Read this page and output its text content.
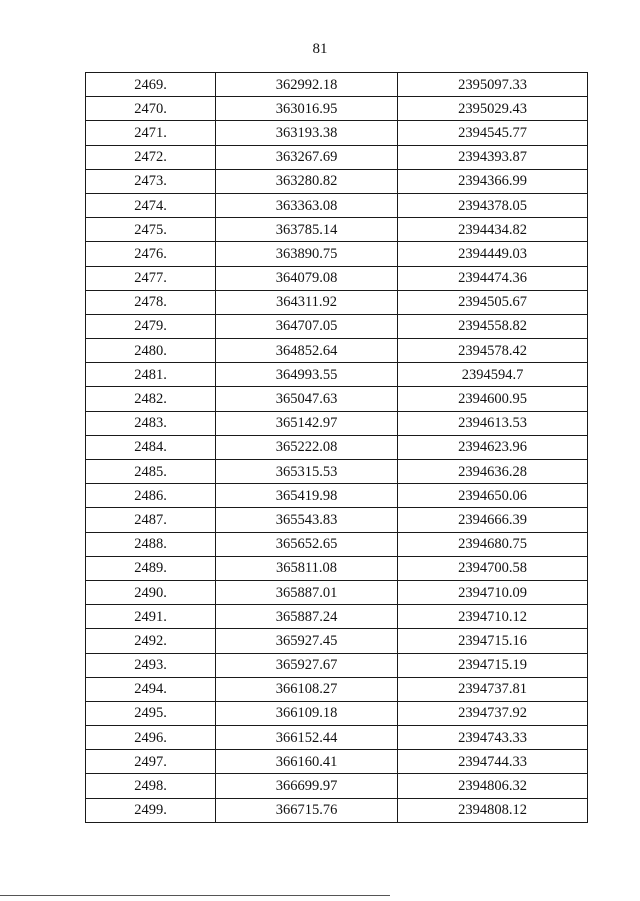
81
2469.	362992.18	2395097.33
2470.	363016.95	2395029.43
2471.	363193.38	2394545.77
2472.	363267.69	2394393.87
2473.	363280.82	2394366.99
2474.	363363.08	2394378.05
2475.	363785.14	2394434.82
2476.	363890.75	2394449.03
2477.	364079.08	2394474.36
2478.	364311.92	2394505.67
2479.	364707.05	2394558.82
2480.	364852.64	2394578.42
2481.	364993.55	2394594.7
2482.	365047.63	2394600.95
2483.	365142.97	2394613.53
2484.	365222.08	2394623.96
2485.	365315.53	2394636.28
2486.	365419.98	2394650.06
2487.	365543.83	2394666.39
2488.	365652.65	2394680.75
2489.	365811.08	2394700.58
2490.	365887.01	2394710.09
2491.	365887.24	2394710.12
2492.	365927.45	2394715.16
2493.	365927.67	2394715.19
2494.	366108.27	2394737.81
2495.	366109.18	2394737.92
2496.	366152.44	2394743.33
2497.	366160.41	2394744.33
2498.	366699.97	2394806.32
2499.	366715.76	2394808.12
